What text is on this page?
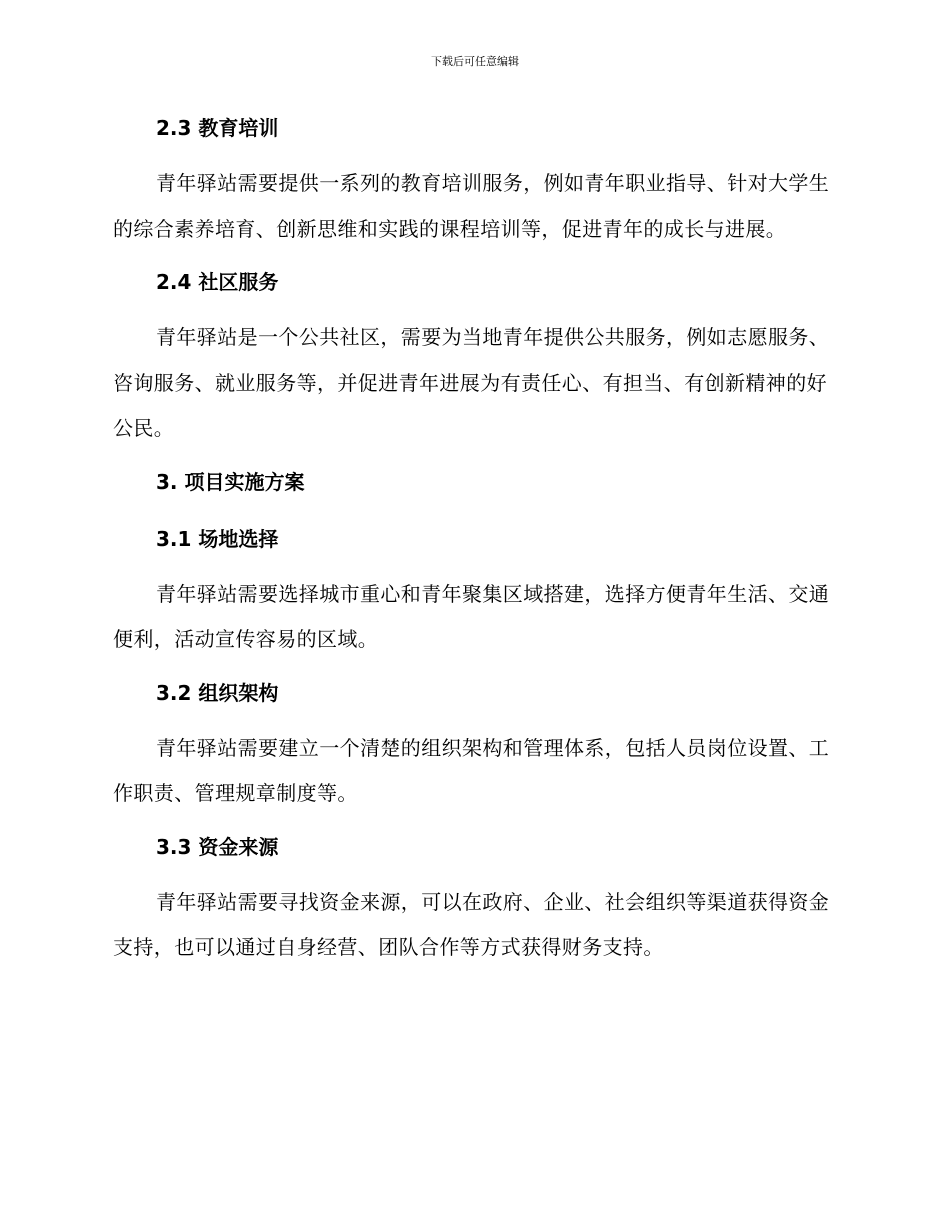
下载后可任意编辑
2.3 教育培训

青年驿站需要提供一系列的教育培训服务，例如青年职业指导、针对大学生的综合素养培育、创新思维和实践的课程培训等，促进青年的成长与进展。

2.4 社区服务

青年驿站是一个公共社区，需要为当地青年提供公共服务，例如志愿服务、咨询服务、就业服务等，并促进青年进展为有责任心、有担当、有创新精神的好公民。

3. 项目实施方案
3.1 场地选择

青年驿站需要选择城市重心和青年聚集区域搭建，选择方便青年生活、交通便利，活动宣传容易的区域。

3.2 组织架构

青年驿站需要建立一个清楚的组织架构和管理体系，包括人员岗位设置、工作职责、管理规章制度等。

3.3 资金来源

青年驿站需要寻找资金来源，可以在政府、企业、社会组织等渠道获得资金支持，也可以通过自身经营、团队合作等方式获得财务支持。
